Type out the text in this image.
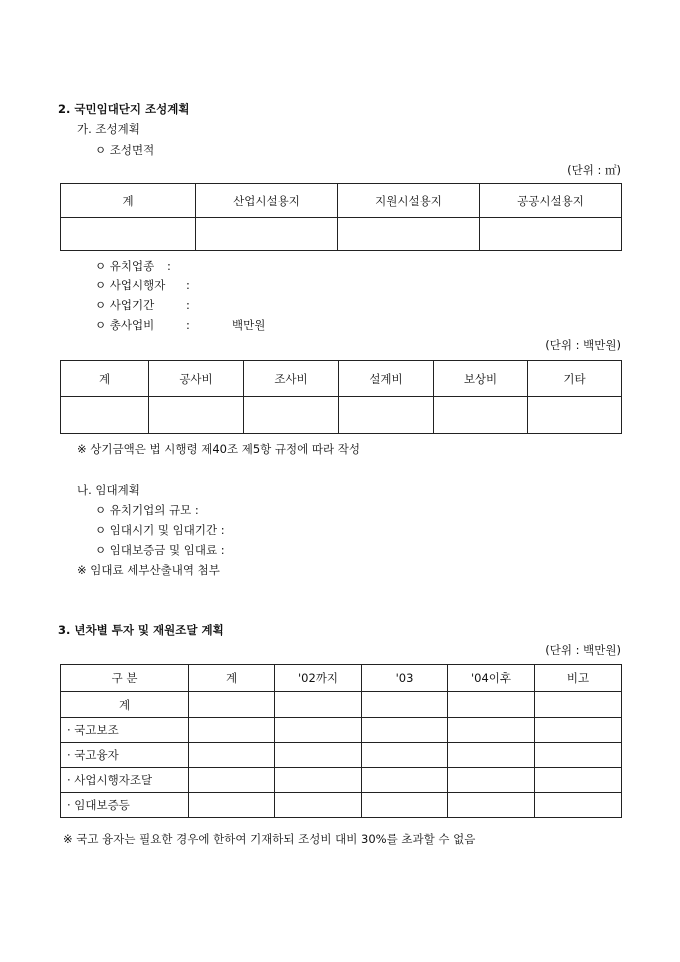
2. 국민임대단지 조성계획
가. 조성계획
ㅇ 조성면적
(단위 : ㎡)
계	산업시설용지	지원시설용지	공공시설용지

ㅇ 유치업종 :
ㅇ 사업시행자 :
ㅇ 사업기간	:
ㅇ 총사업비	:	백만원
(단위 : 백만원)
계	공사비	조사비	설계비	보상비	기타

※ 상기금액은 법 시행령 제40조 제5항 규정에 따라 작성
나. 임대계획
ㅇ 유치기업의 규모 :
ㅇ 임대시기 및 임대기간 :
ㅇ 임대보증금 및 임대료 :
※ 임대료 세부산출내역 첨부
3. 년차별 투자 및 재원조달 계획
(단위 : 백만원)
구 분	계	'02까지	'03	'04이후	비고
계					
· 국고보조					
· 국고융자					
· 사업시행자조달					
· 임대보증등					
※ 국고 융자는 필요한 경우에 한하여 기재하되 조성비 대비 30%를 초과할 수 없음
